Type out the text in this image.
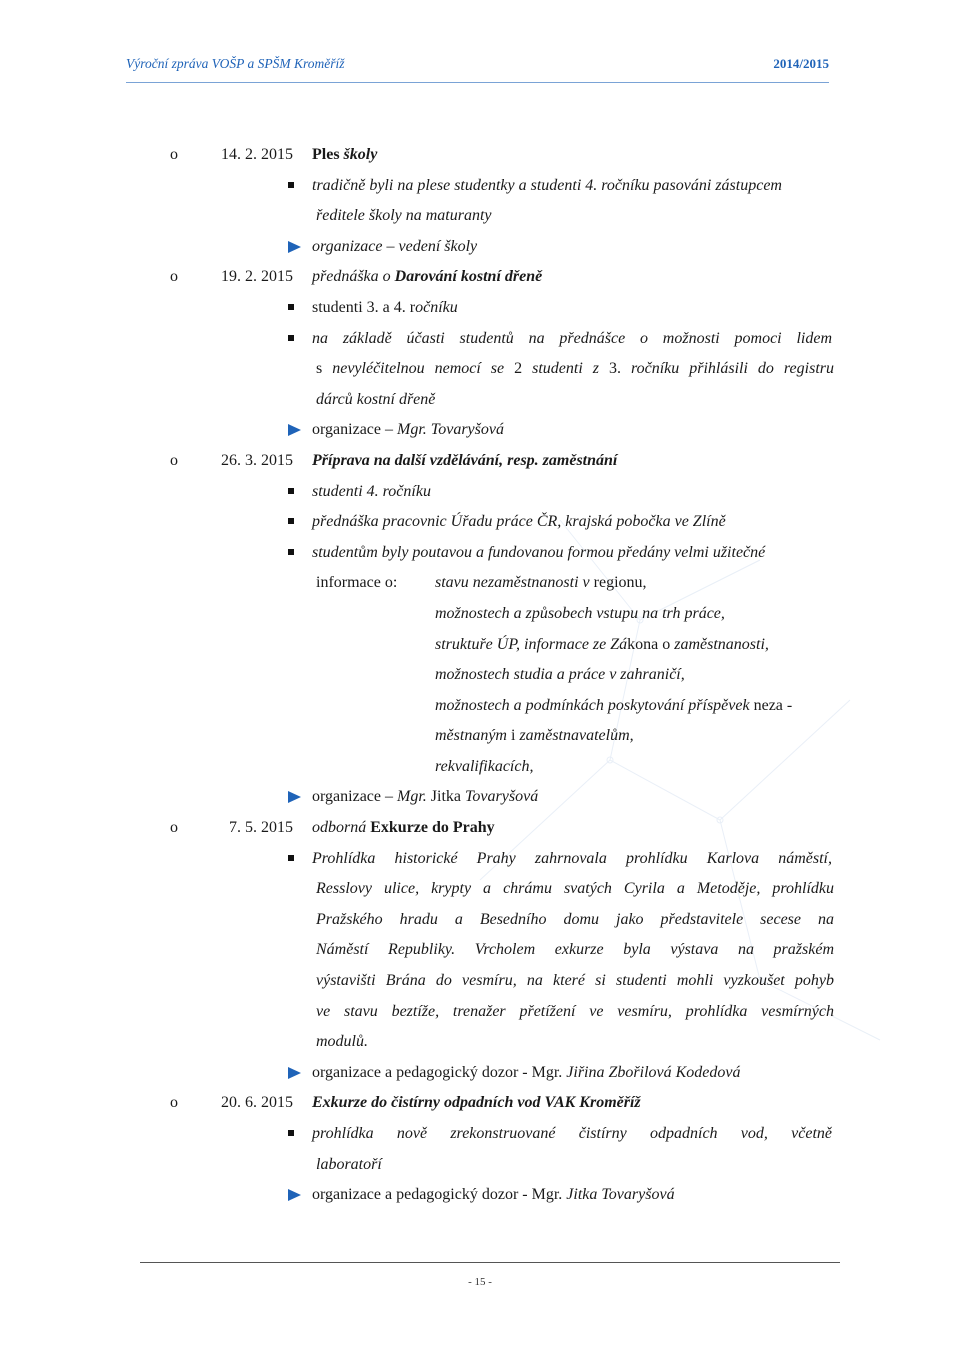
Výroční zpráva VOŠP a SPŠM Kroměříž	2014/2015
o	14. 2. 2015 Ples školy
tradičně byli na plese studentky a studenti 4. ročníku pasováni zástupcem
ředitele školy na maturanty
organizace – vedení školy
o	19. 2. 2015 přednáška o Darování kostní dřeně
studenti 3. a 4. ročníku
na základě účasti studentů na přednášce o možnosti pomoci lidem
s nevyléčitelnou nemocí se 2 studenti z 3. ročníku přihlásili do registru
dárců kostní dřeně
organizace – Mgr. Tovaryšová
o	26. 3. 2015 Příprava na další vzdělávání, resp. zaměstnání
studenti 4. ročníku
přednáška pracovnic Úřadu práce ČR, krajská pobočka ve Zlíně
studentům byly poutavou a fundovanou formou předány velmi užitečné
informace o: stavu nezaměstnanosti v regionu,
možnostech a způsobech vstupu na trh práce,
struktuře ÚP, informace ze Zákona o zaměstnanosti,
možnostech studia a práce v zahraničí,
možnostech a podmínkách poskytování příspěvek neza -
městnaným i zaměstnavatelům,
rekvalifikacích,
organizace – Mgr. Jitka Tovaryšová
o	7. 5. 2015 odborná Exkurze do Prahy
Prohlídka historické Prahy zahrnovala prohlídku Karlova náměstí,
Resslovy ulice, krypty a chrámu svatých Cyrila a Metoděje, prohlídku
Pražského hradu a Besedního domu jako představitele secese na
Náměstí Republiky. Vrcholem exkurze byla výstava na pražském
výstavišti Brána do vesmíru, na které si studenti mohli vyzkoušet pohyb
ve stavu beztíže, trenažer přetížení ve vesmíru, prohlídka vesmírných
modulů.
organizace a pedagogický dozor - Mgr. Jiřina Zbořilová Kodedová
o	20. 6. 2015 Exkurze do čistírny odpadních vod VAK Kroměříž
prohlídka nově zrekonstruované čistírny odpadních vod, včetně
laboratoří
organizace a pedagogický dozor - Mgr. Jitka Tovaryšová
- 15 -
